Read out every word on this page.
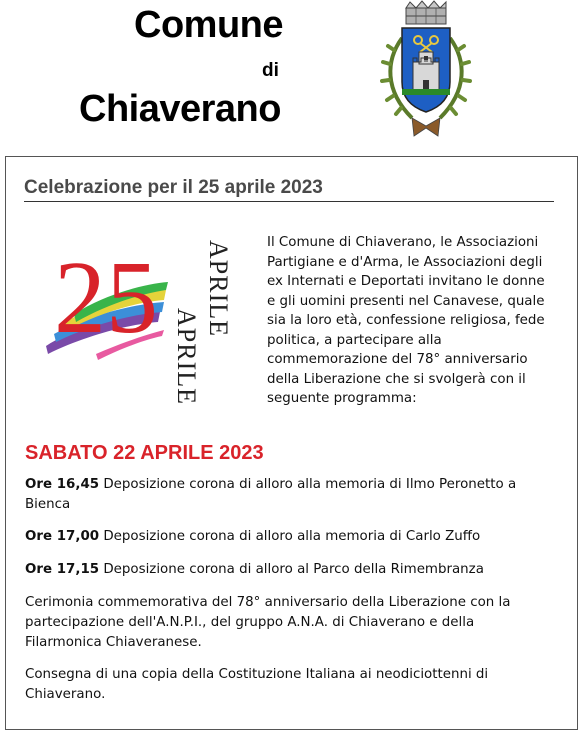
Comune
di
Chiaverano
Celebrazione per il 25 aprile 2023
25 APRILE
APRILE
Il Comune di Chiaverano, le Associazioni Partigiane e d'Arma, le Associazioni degli ex Internati e Deportati invitano le donne e gli uomini presenti nel Canavese, quale sia la loro età, confessione religiosa, fede politica, a partecipare alla commemorazione del 78° anniversario della Liberazione che si svolgerà con il seguente programma:
SABATO 22 APRILE 2023
Ore 16,45 Deposizione corona di alloro alla memoria di Ilmo Peronetto a Bienca
Ore 17,00 Deposizione corona di alloro alla memoria di Carlo Zuffo
Ore 17,15 Deposizione corona di alloro al Parco della Rimembranza
Cerimonia commemorativa del 78° anniversario della Liberazione con la partecipazione dell'A.N.P.I., del gruppo A.N.A. di Chiaverano e della Filarmonica Chiaveranese.
Consegna di una copia della Costituzione Italiana ai neodiciottenni di Chiaverano.
